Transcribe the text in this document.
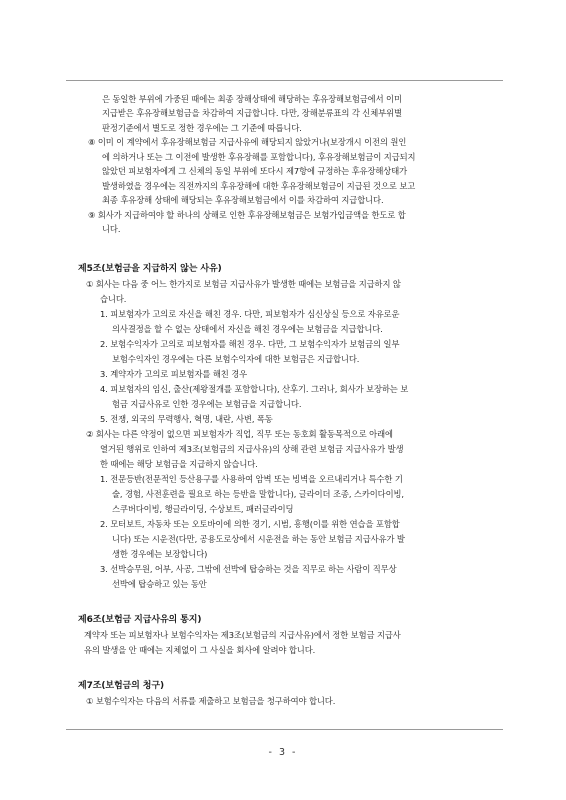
은 동일한 부위에 가중된 때에는 최종 장해상태에 해당하는 후유장해보험금에서 이미
지급받은 후유장해보험금을 차감하여 지급합니다. 다만, 장해분류표의 각 신체부위별
판정기준에서 별도로 정한 경우에는 그 기준에 따릅니다.
⑧ 이미 이 계약에서 후유장해보험금 지급사유에 해당되지 않았거나(보장개시 이전의 원인
에 의하거나 또는 그 이전에 발생한 후유장해를 포함합니다), 후유장해보험금이 지급되지
않았던 피보험자에게 그 신체의 동일 부위에 또다시 제7항에 규정하는 후유장해상태가
발생하였을 경우에는 직전까지의 후유장해에 대한 후유장해보험금이 지급된 것으로 보고
최종 후유장해 상태에 해당되는 후유장해보험금에서 이를 차감하여 지급합니다.
⑨ 회사가 지급하여야 할 하나의 상해로 인한 후유장해보험금은 보험가입금액을 한도로 합
니다.
제5조(보험금을 지급하지 않는 사유)
① 회사는 다음 중 어느 한가지로 보험금 지급사유가 발생한 때에는 보험금을 지급하지 않
습니다.
1. 피보험자가 고의로 자신을 해친 경우. 다만, 피보험자가 심신상실 등으로 자유로운
의사결정을 할 수 없는 상태에서 자신을 해친 경우에는 보험금을 지급합니다.
2. 보험수익자가 고의로 피보험자를 해친 경우. 다만, 그 보험수익자가 보험금의 일부
보험수익자인 경우에는 다른 보험수익자에 대한 보험금은 지급합니다.
3. 계약자가 고의로 피보험자를 해친 경우
4. 피보험자의 임신, 출산(제왕절개를 포함합니다), 산후기. 그러나, 회사가 보장하는 보
험금 지급사유로 인한 경우에는 보험금을 지급합니다.
5. 전쟁, 외국의 무력행사, 혁명, 내란, 사변, 폭동
② 회사는 다른 약정이 없으면 피보험자가 직업, 직무 또는 동호회 활동목적으로 아래에
열거된 행위로 인하여 제3조(보험금의 지급사유)의 상해 관련 보험금 지급사유가 발생
한 때에는 해당 보험금을 지급하지 않습니다.
1. 전문등반(전문적인 등산용구를 사용하여 암벽 또는 빙벽을 오르내리거나 특수한 기
술, 경험, 사전훈련을 필요로 하는 등반을 말합니다), 글라이더 조종, 스카이다이빙,
스쿠버다이빙, 행글라이딩, 수상보트, 패러글라이딩
2. 모터보트, 자동차 또는 오토바이에 의한 경기, 시범, 흥행(이를 위한 연습을 포함합
니다) 또는 시운전(다만, 공용도로상에서 시운전을 하는 동안 보험금 지급사유가 발
생한 경우에는 보장합니다)
3. 선박승무원, 어부, 사공, 그밖에 선박에 탑승하는 것을 직무로 하는 사람이 직무상
선박에 탑승하고 있는 동안
제6조(보험금 지급사유의 통지)
계약자 또는 피보험자나 보험수익자는 제3조(보험금의 지급사유)에서 정한 보험금 지급사
유의 발생을 안 때에는 지체없이 그 사실을 회사에 알려야 합니다.
제7조(보험금의 청구)
① 보험수익자는 다음의 서류를 제출하고 보험금을 청구하여야 합니다.
- 3 -
